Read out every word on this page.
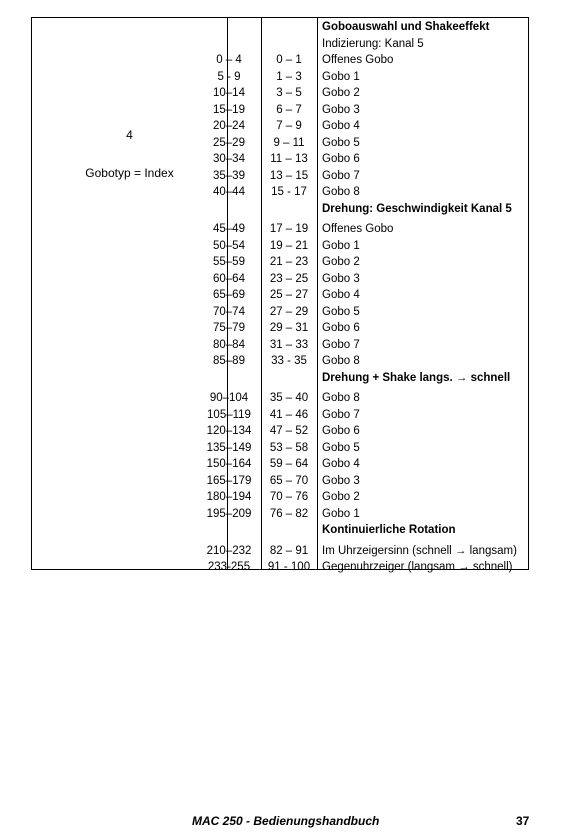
4
Gobotyp = Index
0 – 4
5 - 9
10–14
15–19
20–24
25–29
30–34
35–39
40–44
45–49
50–54
55–59
60–64
65–69
70–74
75–79
80–84
85–89
90–104
105–119
120–134
135–149
150–164
165–179
180–194
195–209
210–232
233-255
0 – 1
1 – 3
3 – 5
6 – 7
7 – 9
9 – 11
11 – 13
13 – 15
15 - 17
17 – 19
19 – 21
21 – 23
23 – 25
25 – 27
27 – 29
29 – 31
31 – 33
33 - 35
35 – 40
41 – 46
47 – 52
53 – 58
59 – 64
65 – 70
70 – 76
76 – 82
82 – 91
91 - 100
Goboauswahl und Shakeeffekt
Indizierung: Kanal 5
Offenes Gobo
Gobo 1
Gobo 2
Gobo 3
Gobo 4
Gobo 5
Gobo 6
Gobo 7
Gobo 8
Drehung: Geschwindigkeit Kanal 5
Offenes Gobo
Gobo 1
Gobo 2
Gobo 3
Gobo 4
Gobo 5
Gobo 6
Gobo 7
Gobo 8
Drehung + Shake langs. → schnell
Gobo 8
Gobo 7
Gobo 6
Gobo 5
Gobo 4
Gobo 3
Gobo 2
Gobo 1
Kontinuierliche Rotation
Im Uhrzeigersinn (schnell → langsam)
Gegenuhrzeiger (langsam → schnell)
MAC 250 - Bedienungshandbuch	37
